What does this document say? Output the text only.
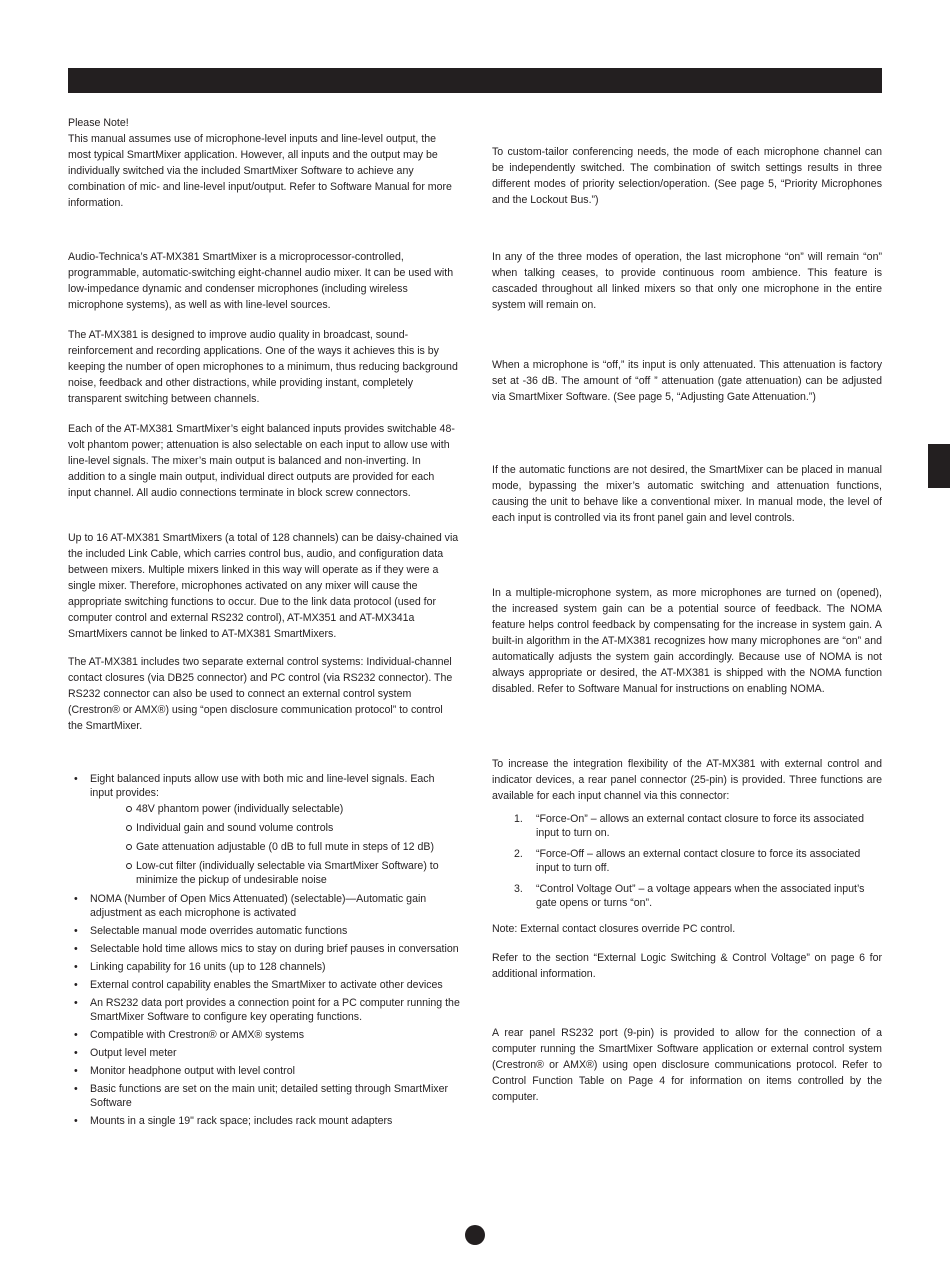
Please Note!

This manual assumes use of microphone-level inputs and line-level output, the most typical SmartMixer application. However, all inputs and the output may be individually switched via the included SmartMixer Software to achieve any combination of mic- and line-level input/output. Refer to Software Manual for more information.

Audio-Technica’s AT-MX381 SmartMixer is a microprocessor-controlled, programmable, automatic-switching eight-channel audio mixer. It can be used with low-impedance dynamic and condenser microphones (including wireless microphone systems), as well as with line-level sources.

The AT-MX381 is designed to improve audio quality in broadcast, sound-reinforcement and recording applications. One of the ways it achieves this is by keeping the number of open microphones to a minimum, thus reducing background noise, feedback and other distractions, while providing instant, completely transparent switching between channels.

Each of the AT-MX381 SmartMixer’s eight balanced inputs provides switchable 48-volt phantom power; attenuation is also selectable on each input to allow use with line-level signals. The mixer’s main output is balanced and non-inverting. In addition to a single main output, individual direct outputs are provided for each input channel. All audio connections terminate in block screw connectors.

Up to 16 AT-MX381 SmartMixers (a total of 128 channels) can be daisy-chained via the included Link Cable, which carries control bus, audio, and configuration data between mixers. Multiple mixers linked in this way will operate as if they were a single mixer. Therefore, microphones activated on any mixer will cause the appropriate switching functions to occur. Due to the link data protocol (used for computer control and external RS232 control), AT-MX351 and AT-MX341a SmartMixers cannot be linked to AT-MX381 SmartMixers.

The AT-MX381 includes two separate external control systems: Individual-channel contact closures (via DB25 connector) and PC control (via RS232 connector). The RS232 connector can also be used to connect an external control system (Crestron® or AMX®) using “open disclosure communication protocol” to control the SmartMixer.

• Eight balanced inputs allow use with both mic and line-level signals. Each input provides:
48V phantom power (individually selectable)
Individual gain and sound volume controls
Gate attenuation adjustable (0 dB to full mute in steps of 12 dB)
Low-cut filter (individually selectable via SmartMixer Software) to minimize the pickup of undesirable noise
• NOMA (Number of Open Mics Attenuated) (selectable)—Automatic gain adjustment as each microphone is activated
• Selectable manual mode overrides automatic functions
• Selectable hold time allows mics to stay on during brief pauses in conversation
• Linking capability for 16 units (up to 128 channels)
• External control capability enables the SmartMixer to activate other devices
• An RS232 data port provides a connection point for a PC computer running the SmartMixer Software to configure key operating functions.
• Compatible with Crestron® or AMX® systems
• Output level meter
• Monitor headphone output with level control
• Basic functions are set on the main unit; detailed setting through SmartMixer Software
• Mounts in a single 19" rack space; includes rack mount adapters

To custom-tailor conferencing needs, the mode of each microphone channel can be independently switched. The combination of switch settings results in three different modes of priority selection/operation. (See page 5, “Priority Microphones and the Lockout Bus.”)

In any of the three modes of operation, the last microphone “on” will remain “on” when talking ceases, to provide continuous room ambience. This feature is cascaded throughout all linked mixers so that only one microphone in the entire system will remain on.

When a microphone is “off,” its input is only attenuated. This attenuation is factory set at -36 dB. The amount of “off ” attenuation (gate attenuation) can be adjusted via SmartMixer Software. (See page 5, “Adjusting Gate Attenuation.”)

If the automatic functions are not desired, the SmartMixer can be placed in manual mode, bypassing the mixer’s automatic switching and attenuation functions, causing the unit to behave like a conventional mixer. In manual mode, the level of each input is controlled via its front panel gain and level controls.

In a multiple-microphone system, as more microphones are turned on (opened), the increased system gain can be a potential source of feedback. The NOMA feature helps control feedback by compensating for the increase in system gain. A built-in algorithm in the AT-MX381 recognizes how many microphones are “on” and automatically adjusts the system gain accordingly. Because use of NOMA is not always appropriate or desired, the AT-MX381 is shipped with the NOMA function disabled. Refer to Software Manual for instructions on enabling NOMA.

To increase the integration flexibility of the AT-MX381 with external control and indicator devices, a rear panel connector (25-pin) is provided. Three functions are available for each input channel via this connector:

1. “Force-On” – allows an external contact closure to force its associated input to turn on.
2. “Force-Off – allows an external contact closure to force its associated input to turn off.
3. “Control Voltage Out” – a voltage appears when the associated input’s gate opens or turns “on”.

Note: External contact closures override PC control.

Refer to the section “External Logic Switching & Control Voltage” on page 6 for additional information.

A rear panel RS232 port (9-pin) is provided to allow for the connection of a computer running the SmartMixer Software application or external control system (Crestron® or AMX®) using open disclosure communications protocol. Refer to Control Function Table on Page 4 for information on items controlled by the computer.
